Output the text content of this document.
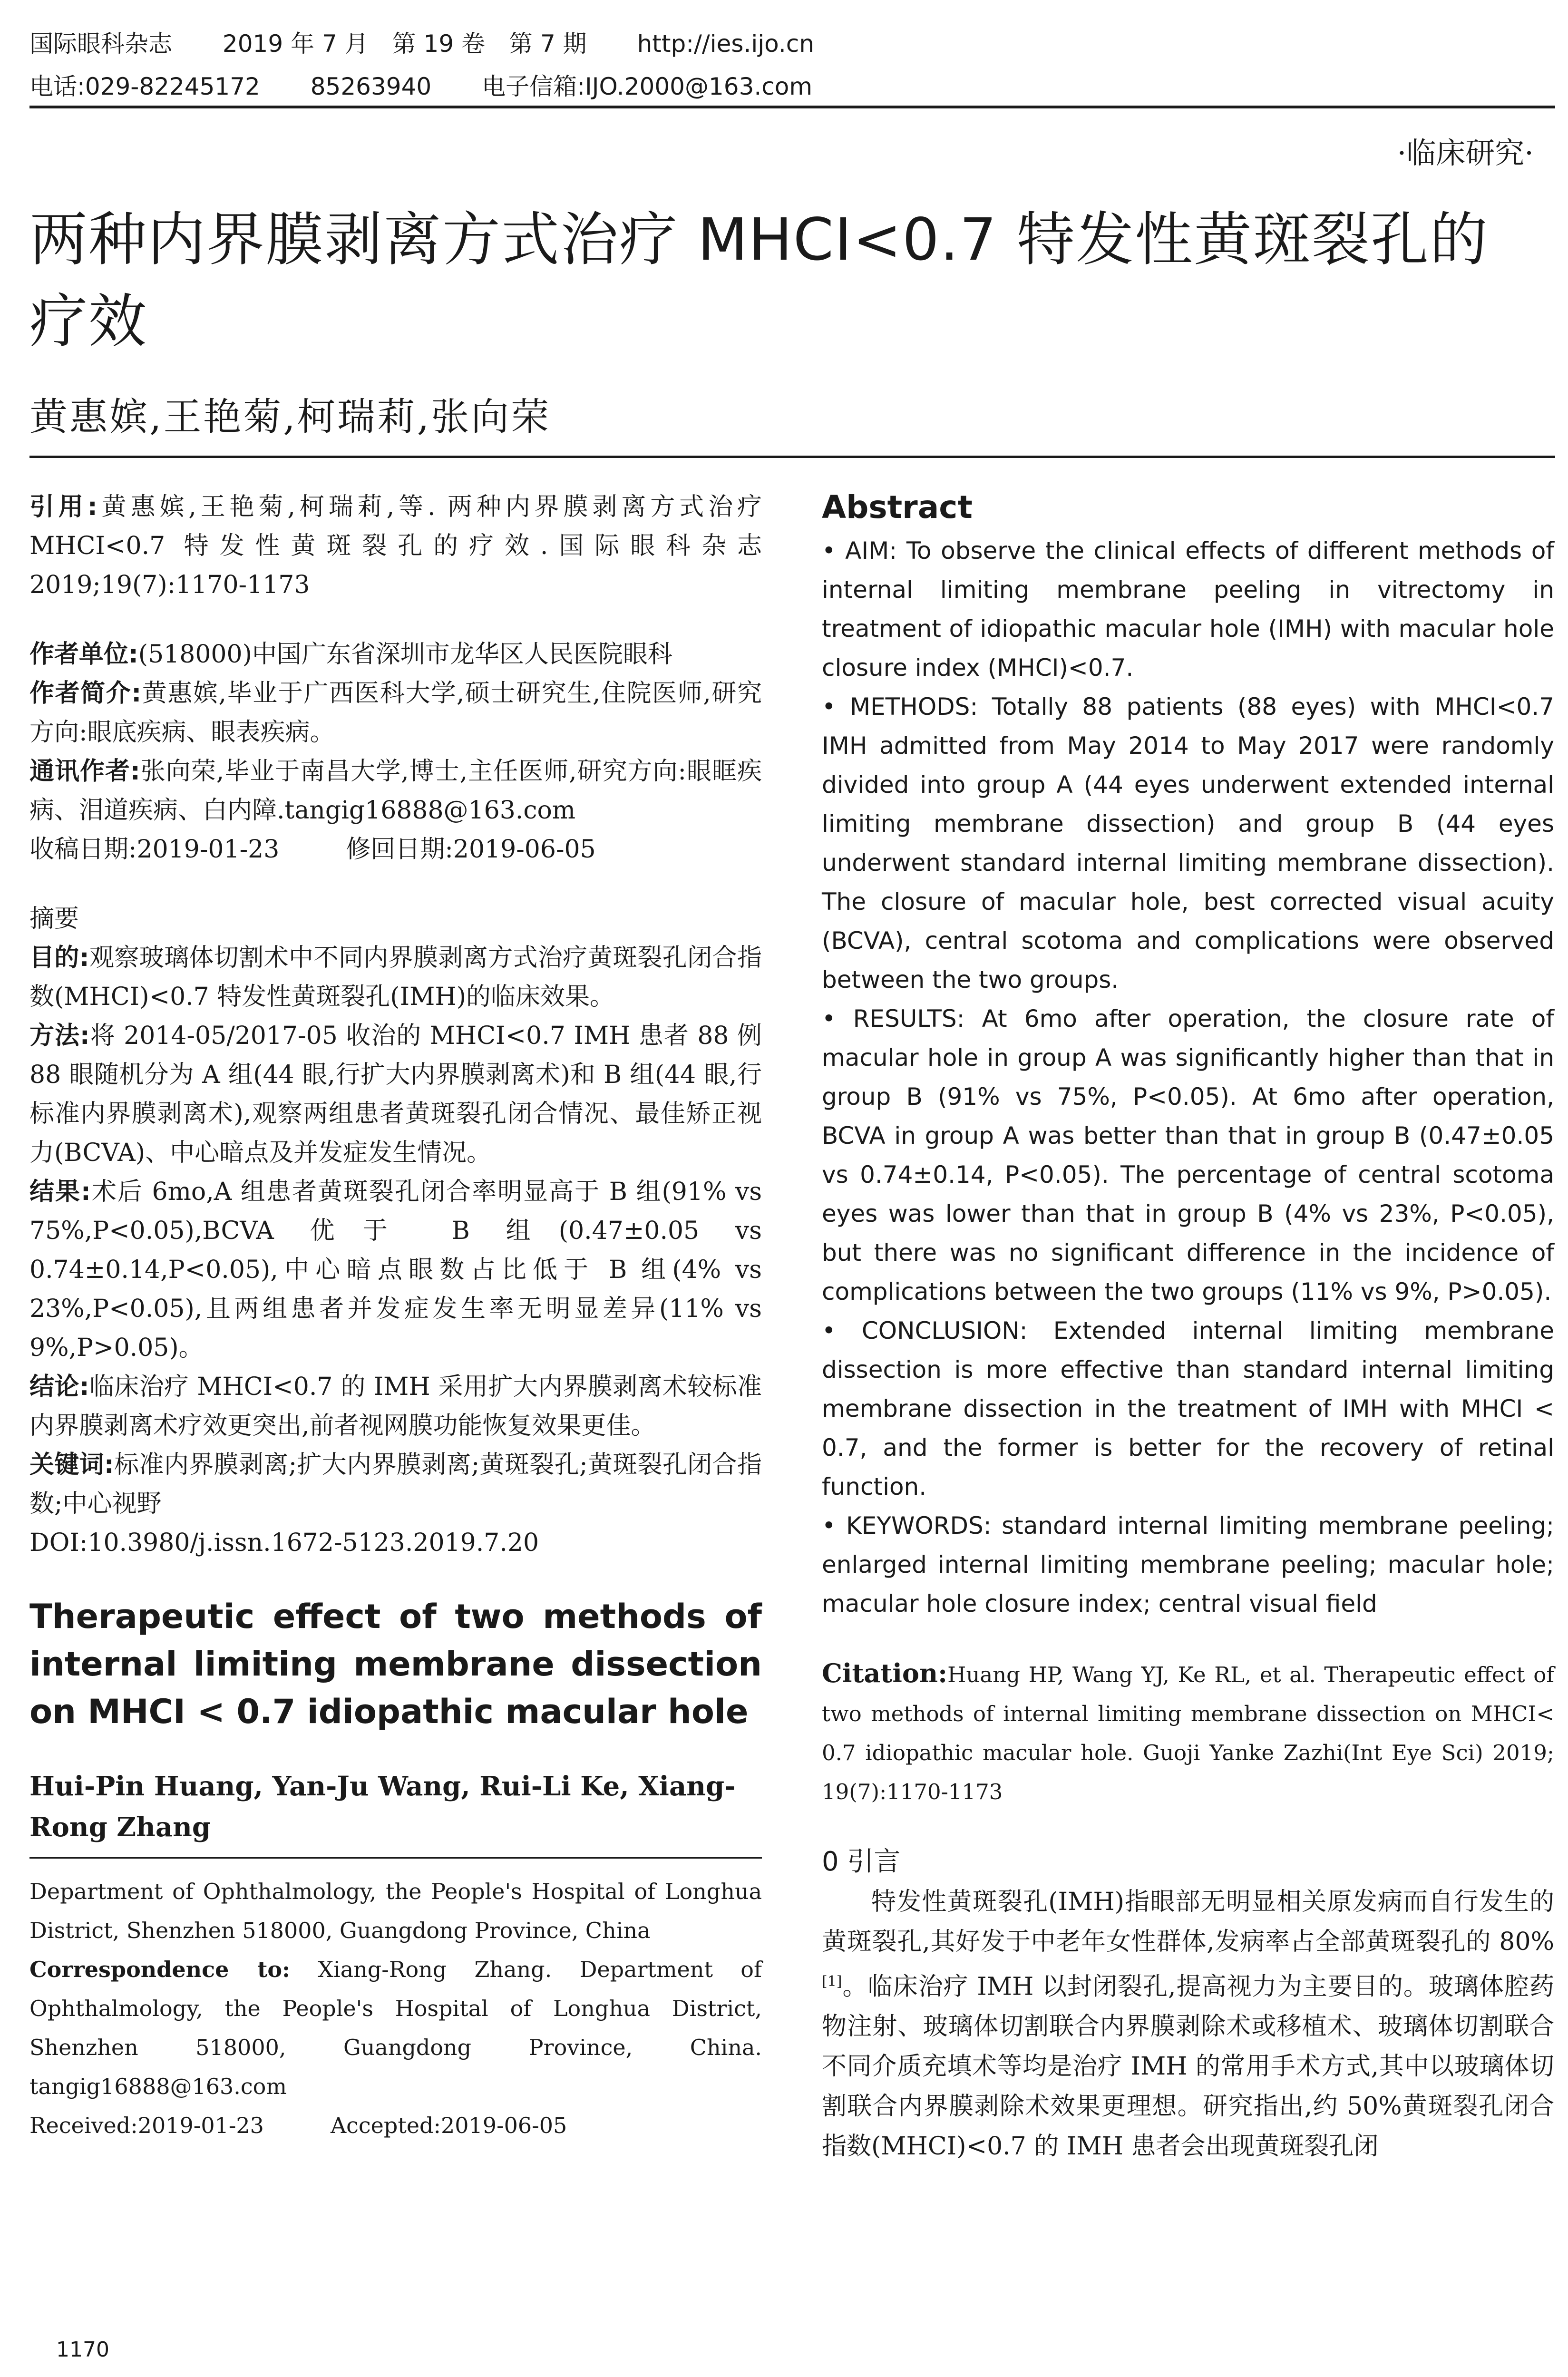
国际眼科杂志 2019 年 7 月　第 19 卷　第 7 期 http://ies.ijo.cn
电话:029-82245172 85263940 电子信箱:IJO.2000@163.com
·临床研究·
两种内界膜剥离方式治疗 MHCI<0.7 特发性黄斑裂孔的疗效
黄惠嫔,王艳菊,柯瑞莉,张向荣

引用:黄惠嫔,王艳菊,柯瑞莉,等. 两种内界膜剥离方式治疗 MHCI<0.7 特发性黄斑裂孔的疗效.国际眼科杂志 2019;19(7):1170-1173

作者单位:(518000)中国广东省深圳市龙华区人民医院眼科

作者简介:黄惠嫔,毕业于广西医科大学,硕士研究生,住院医师,研究方向:眼底疾病、眼表疾病。

通讯作者:张向荣,毕业于南昌大学,博士,主任医师,研究方向:眼眶疾病、泪道疾病、白内障.tangig16888@163.com

收稿日期:2019-01-23	修回日期:2019-06-05

摘要

目的:观察玻璃体切割术中不同内界膜剥离方式治疗黄斑裂孔闭合指数(MHCI)<0.7 特发性黄斑裂孔(IMH)的临床效果。

方法:将 2014-05/2017-05 收治的 MHCI<0.7 IMH 患者 88 例 88 眼随机分为 A 组(44 眼,行扩大内界膜剥离术)和 B 组(44 眼,行标准内界膜剥离术),观察两组患者黄斑裂孔闭合情况、最佳矫正视力(BCVA)、中心暗点及并发症发生情况。

结果:术后 6mo,A 组患者黄斑裂孔闭合率明显高于 B 组(91% vs 75%,P<0.05),BCVA 优于 B 组(0.47±0.05 vs 0.74±0.14,P<0.05),中心暗点眼数占比低于 B 组(4% vs 23%,P<0.05),且两组患者并发症发生率无明显差异(11% vs 9%,P>0.05)。

结论:临床治疗 MHCI<0.7 的 IMH 采用扩大内界膜剥离术较标准内界膜剥离术疗效更突出,前者视网膜功能恢复效果更佳。

关键词:标准内界膜剥离;扩大内界膜剥离;黄斑裂孔;黄斑裂孔闭合指数;中心视野

DOI:10.3980/j.issn.1672-5123.2019.7.20

Therapeutic effect of two methods of internal limiting membrane dissection on MHCI < 0.7 idiopathic macular hole

Hui-Pin Huang, Yan-Ju Wang, Rui-Li Ke, Xiang-Rong Zhang

Department of Ophthalmology, the People's Hospital of Longhua District, Shenzhen 518000, Guangdong Province, China

Correspondence to: Xiang-Rong Zhang. Department of Ophthalmology, the People's Hospital of Longhua District, Shenzhen 518000, Guangdong Province, China. tangig16888@163.com

Received:2019-01-23	Accepted:2019-06-05

Abstract

• AIM: To observe the clinical effects of different methods of internal limiting membrane peeling in vitrectomy in treatment of idiopathic macular hole (IMH) with macular hole closure index (MHCI)<0.7.

• METHODS: Totally 88 patients (88 eyes) with MHCI<0.7 IMH admitted from May 2014 to May 2017 were randomly divided into group A (44 eyes underwent extended internal limiting membrane dissection) and group B (44 eyes underwent standard internal limiting membrane dissection). The closure of macular hole, best corrected visual acuity (BCVA), central scotoma and complications were observed between the two groups.

• RESULTS: At 6mo after operation, the closure rate of macular hole in group A was significantly higher than that in group B (91% vs 75%, P<0.05). At 6mo after operation, BCVA in group A was better than that in group B (0.47±0.05 vs 0.74±0.14, P<0.05). The percentage of central scotoma eyes was lower than that in group B (4% vs 23%, P<0.05), but there was no significant difference in the incidence of complications between the two groups (11% vs 9%, P>0.05).

• CONCLUSION: Extended internal limiting membrane dissection is more effective than standard internal limiting membrane dissection in the treatment of IMH with MHCI < 0.7, and the former is better for the recovery of retinal function.

• KEYWORDS: standard internal limiting membrane peeling; enlarged internal limiting membrane peeling; macular hole; macular hole closure index; central visual field

Citation:Huang HP, Wang YJ, Ke RL, et al. Therapeutic effect of two methods of internal limiting membrane dissection on MHCI< 0.7 idiopathic macular hole. Guoji Yanke Zazhi(Int Eye Sci) 2019; 19(7):1170-1173

0 引言

特发性黄斑裂孔(IMH)指眼部无明显相关原发病而自行发生的黄斑裂孔,其好发于中老年女性群体,发病率占全部黄斑裂孔的 80%[1]。临床治疗 IMH 以封闭裂孔,提高视力为主要目的。玻璃体腔药物注射、玻璃体切割联合内界膜剥除术或移植术、玻璃体切割联合不同介质充填术等均是治疗 IMH 的常用手术方式,其中以玻璃体切割联合内界膜剥除术效果更理想。研究指出,约 50%黄斑裂孔闭合指数(MHCI)<0.7 的 IMH 患者会出现黄斑裂孔闭

1170
